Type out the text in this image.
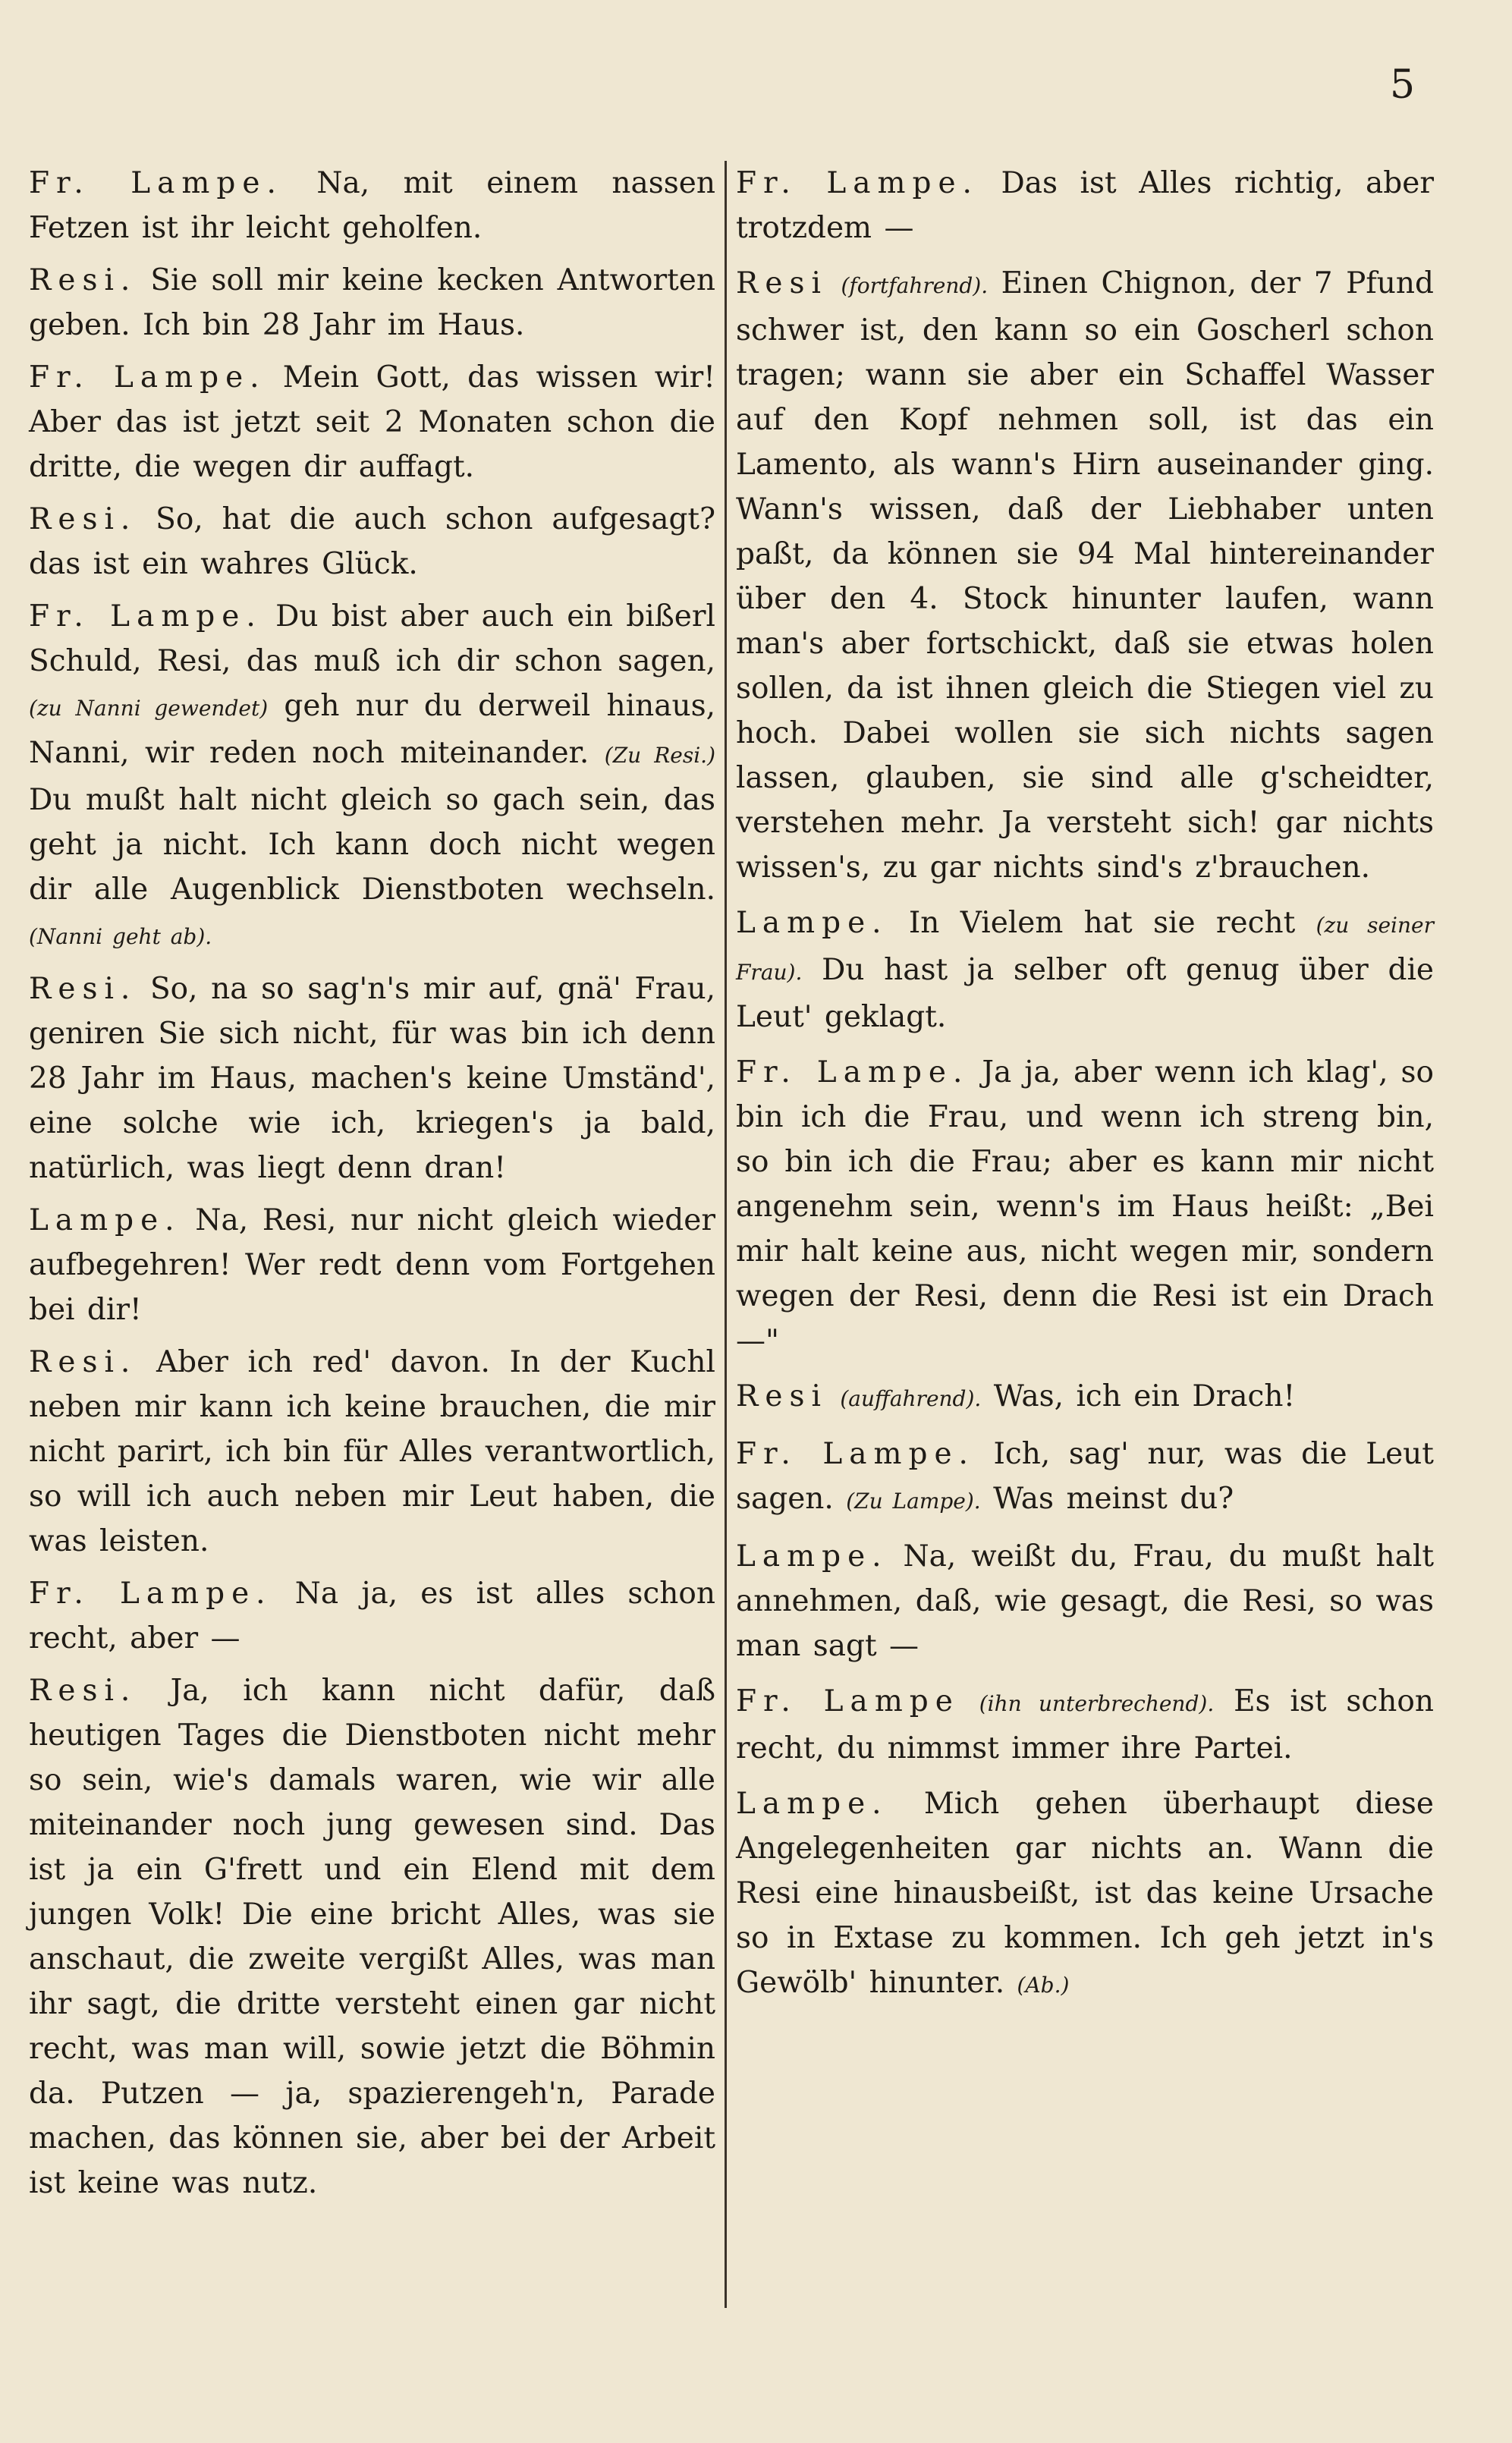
5

Fr. Lampe. Na, mit einem nassen Fetzen ist ihr leicht geholfen.

Resi. Sie soll mir keine kecken Antworten geben. Ich bin 28 Jahr im Haus.

Fr. Lampe. Mein Gott, das wissen wir! Aber das ist jetzt seit 2 Monaten schon die dritte, die wegen dir auffagt.

Resi. So, hat die auch schon aufgesagt? das ist ein wahres Glück.

Fr. Lampe. Du bist aber auch ein bißerl Schuld, Resi, das muß ich dir schon sagen, (zu Nanni gewendet) geh nur du derweil hinaus, Nanni, wir reden noch miteinander. (Zu Resi.) Du mußt halt nicht gleich so gach sein, das geht ja nicht. Ich kann doch nicht wegen dir alle Augenblick Dienstboten wechseln. (Nanni geht ab).

Resi. So, na so sag'n's mir auf, gnä' Frau, geniren Sie sich nicht, für was bin ich denn 28 Jahr im Haus, machen's keine Umständ', eine solche wie ich, kriegen's ja bald, natürlich, was liegt denn dran!

Lampe. Na, Resi, nur nicht gleich wieder aufbegehren! Wer redt denn vom Fortgehen bei dir!

Resi. Aber ich red' davon. In der Kuchl neben mir kann ich keine brauchen, die mir nicht parirt, ich bin für Alles verantwortlich, so will ich auch neben mir Leut haben, die was leisten.

Fr. Lampe. Na ja, es ist alles schon recht, aber —

Resi. Ja, ich kann nicht dafür, daß heutigen Tages die Dienstboten nicht mehr so sein, wie's damals waren, wie wir alle miteinander noch jung gewesen sind. Das ist ja ein G'frett und ein Elend mit dem jungen Volk! Die eine bricht Alles, was sie anschaut, die zweite vergißt Alles, was man ihr sagt, die dritte versteht einen gar nicht recht, was man will, sowie jetzt die Böhmin da. Putzen — ja, spazierengeh'n, Parade machen, das können sie, aber bei der Arbeit ist keine was nutz.

Fr. Lampe. Das ist Alles richtig, aber trotzdem —

Resi (fortfahrend). Einen Chignon, der 7 Pfund schwer ist, den kann so ein Goscherl schon tragen; wann sie aber ein Schaffel Wasser auf den Kopf nehmen soll, ist das ein Lamento, als wann's Hirn auseinander ging. Wann's wissen, daß der Liebhaber unten paßt, da können sie 94 Mal hintereinander über den 4. Stock hinunter laufen, wann man's aber fortschickt, daß sie etwas holen sollen, da ist ihnen gleich die Stiegen viel zu hoch. Dabei wollen sie sich nichts sagen lassen, glauben, sie sind alle g'scheidter, verstehen mehr. Ja versteht sich! gar nichts wissen's, zu gar nichts sind's z'brauchen.

Lampe. In Vielem hat sie recht (zu seiner Frau). Du hast ja selber oft genug über die Leut' geklagt.

Fr. Lampe. Ja ja, aber wenn ich klag', so bin ich die Frau, und wenn ich streng bin, so bin ich die Frau; aber es kann mir nicht angenehm sein, wenn's im Haus heißt: „Bei mir halt keine aus, nicht wegen mir, sondern wegen der Resi, denn die Resi ist ein Drach —"

Resi (auffahrend). Was, ich ein Drach!

Fr. Lampe. Ich, sag' nur, was die Leut sagen. (Zu Lampe). Was meinst du?

Lampe. Na, weißt du, Frau, du mußt halt annehmen, daß, wie gesagt, die Resi, so was man sagt —

Fr. Lampe (ihn unterbrechend). Es ist schon recht, du nimmst immer ihre Partei.

Lampe. Mich gehen überhaupt diese Angelegenheiten gar nichts an. Wann die Resi eine hinausbeißt, ist das keine Ursache so in Extase zu kommen. Ich geh jetzt in's Gewölb' hinunter. (Ab.)
